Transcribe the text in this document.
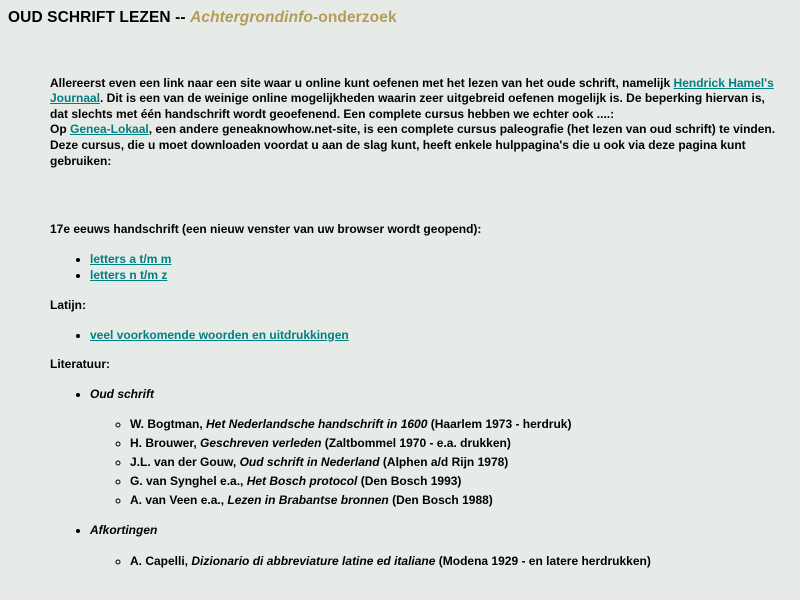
OUD SCHRIFT LEZEN -- Achtergrondinfo-onderzoek

Allereerst even een link naar een site waar u online kunt oefenen met het lezen van het oude schrift, namelijk Hendrick Hamel's Journaal. Dit is een van de weinige online mogelijkheden waarin zeer uitgebreid oefenen mogelijk is. De beperking hiervan is, dat slechts met één handschrift wordt geoefenend. Een complete cursus hebben we echter ook ....:

Op Genea-Lokaal, een andere geneaknowhow.net-site, is een complete cursus paleografie (het lezen van oud schrift) te vinden. Deze cursus, die u moet downloaden voordat u aan de slag kunt, heeft enkele hulppagina's die u ook via deze pagina kunt gebruiken:

17e eeuws handschrift (een nieuw venster van uw browser wordt geopend):

• letters a t/m m
• letters n t/m z

Latijn:

• veel voorkomende woorden en uitdrukkingen

Literatuur:

• Oud schrift
◦ W. Bogtman, Het Nederlandsche handschrift in 1600 (Haarlem 1973 - herdruk)
◦ H. Brouwer, Geschreven verleden (Zaltbommel 1970 - e.a. drukken)
◦ J.L. van der Gouw, Oud schrift in Nederland (Alphen a/d Rijn 1978)
◦ G. van Synghel e.a., Het Bosch protocol (Den Bosch 1993)
◦ A. van Veen e.a., Lezen in Brabantse bronnen (Den Bosch 1988)
• Afkortingen
◦ A. Capelli, Dizionario di abbreviature latine ed italiane (Modena 1929 - en latere herdrukken)
